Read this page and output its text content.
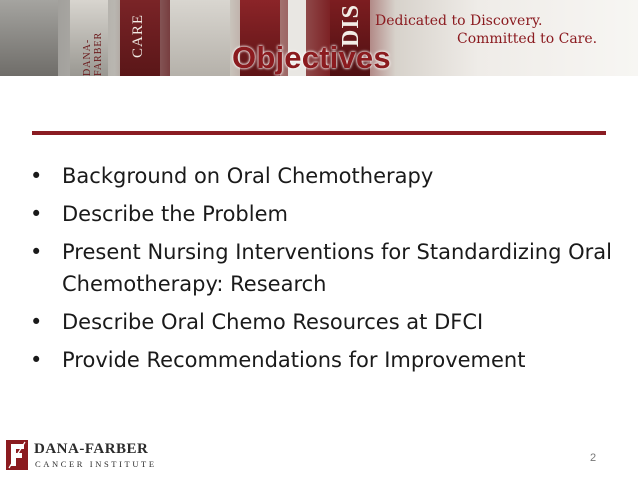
DANA-FARBER CARE	DIS Dedicated to Discovery.
Committed to Care.
Objectives
• Background on Oral Chemotherapy
• Describe the Problem
• Present Nursing Interventions for Standardizing Oral Chemotherapy: Research
• Describe Oral Chemo Resources at DFCI
• Provide Recommendations for Improvement
DANA-FARBER
CANCER INSTITUTE	2
